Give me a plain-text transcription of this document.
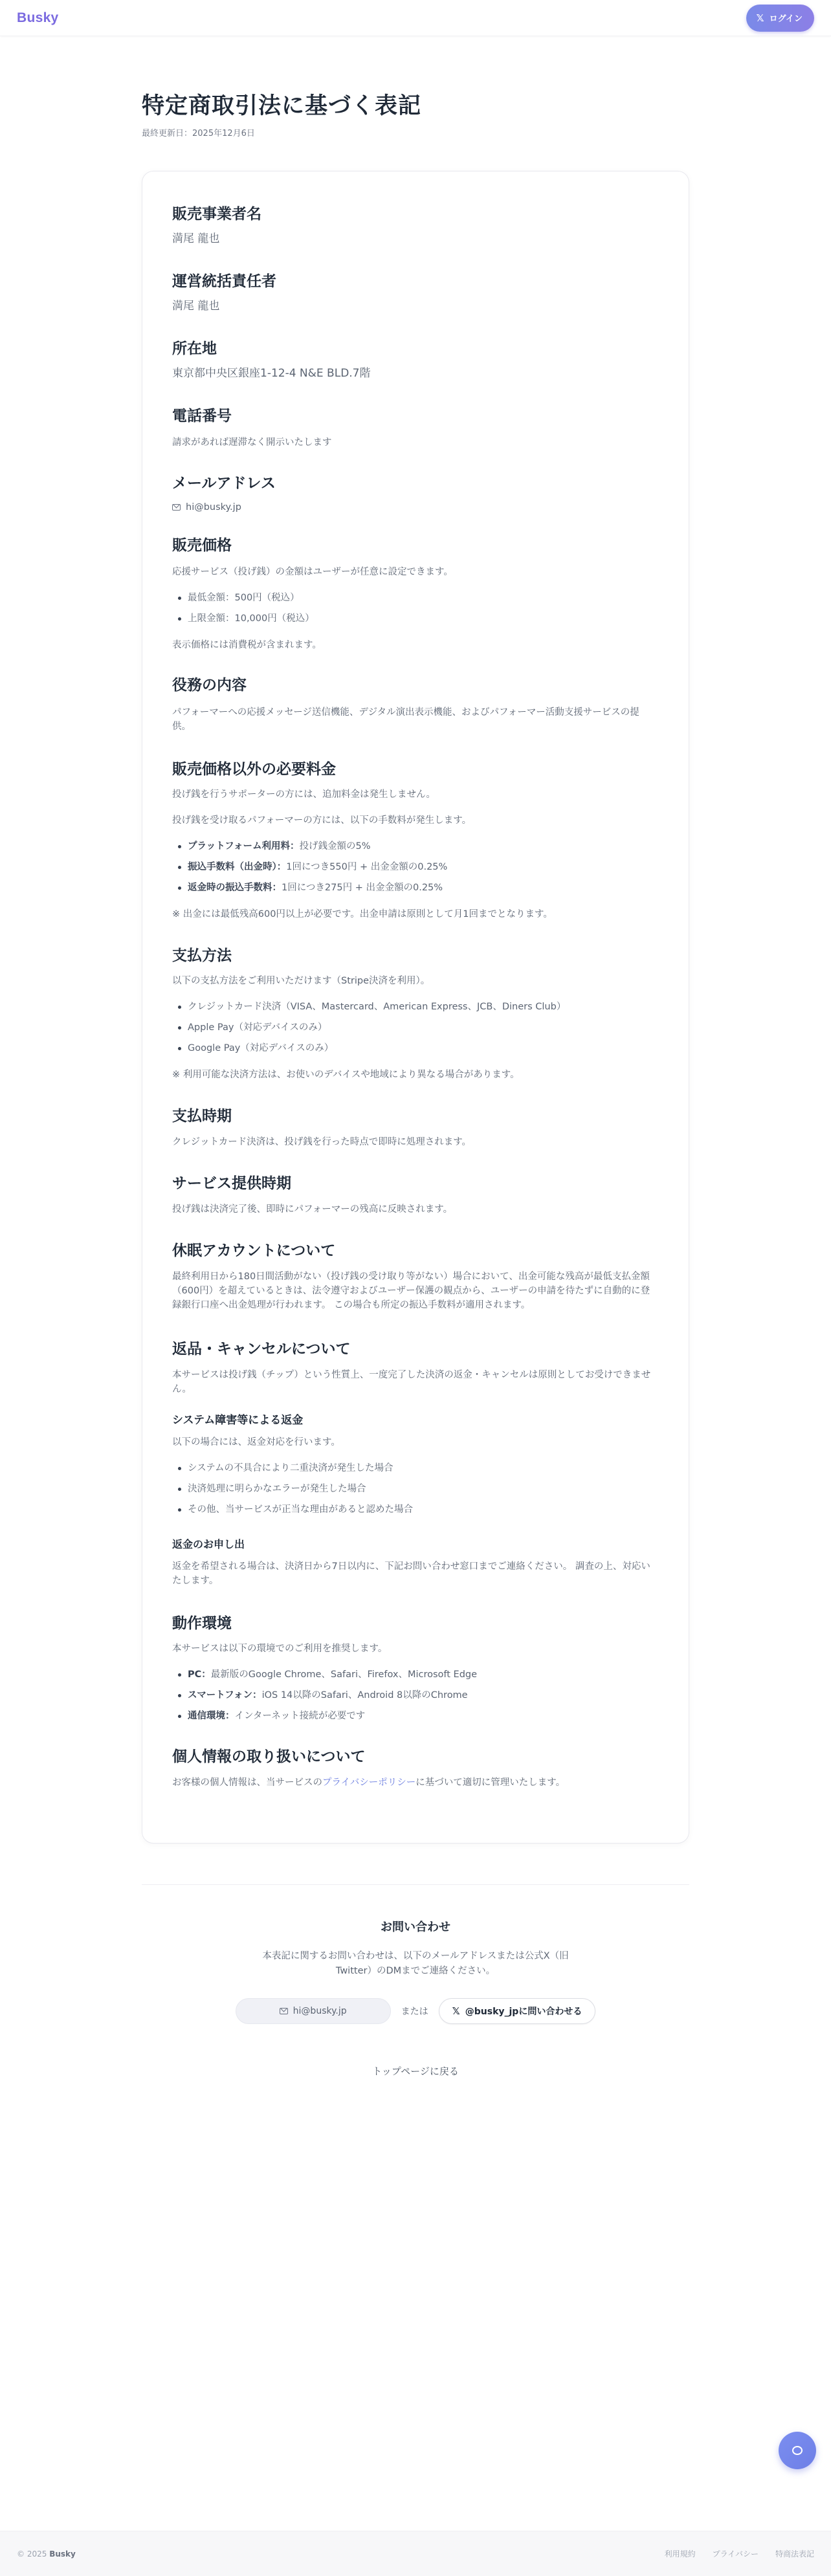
Busky	𝕏 ログイン
特定商取引法に基づく表記
最終更新日：2025年12月6日
販売事業者名
満尾 龍也
運営統括責任者
満尾 龍也
所在地
東京都中央区銀座1-12-4 N&E BLD.7階
電話番号
請求があれば遅滞なく開示いたします
メールアドレス
hi@busky.jp
販売価格
応援サービス（投げ銭）の金額はユーザーが任意に設定できます。
最低金額：500円（税込）
上限金額：10,000円（税込）
表示価格には消費税が含まれます。
役務の内容
パフォーマーへの応援メッセージ送信機能、デジタル演出表示機能、およびパフォーマー活動支援サービスの提供。
販売価格以外の必要料金
投げ銭を行うサポーターの方には、追加料金は発生しません。
投げ銭を受け取るパフォーマーの方には、以下の手数料が発生します。
プラットフォーム利用料：投げ銭金額の5%
振込手数料（出金時）：1回につき550円 + 出金金額の0.25%
返金時の振込手数料：1回につき275円 + 出金金額の0.25%
※ 出金には最低残高600円以上が必要です。出金申請は原則として月1回までとなります。
支払方法
以下の支払方法をご利用いただけます（Stripe決済を利用）。
クレジットカード決済（VISA、Mastercard、American Express、JCB、Diners Club）
Apple Pay（対応デバイスのみ）
Google Pay（対応デバイスのみ）
※ 利用可能な決済方法は、お使いのデバイスや地域により異なる場合があります。
支払時期
クレジットカード決済は、投げ銭を行った時点で即時に処理されます。
サービス提供時期
投げ銭は決済完了後、即時にパフォーマーの残高に反映されます。
休眠アカウントについて
最終利用日から180日間活動がない（投げ銭の受け取り等がない）場合において、出金可能な残高が最低支払金額（600円）を超えているときは、法令遵守およびユーザー保護の観点から、ユーザーの申請を待たずに自動的に登録銀行口座へ出金処理が行われます。 この場合も所定の振込手数料が適用されます。
返品・キャンセルについて
本サービスは投げ銭（チップ）という性質上、一度完了した決済の返金・キャンセルは原則としてお受けできません。
システム障害等による返金
以下の場合には、返金対応を行います。
システムの不具合により二重決済が発生した場合
決済処理に明らかなエラーが発生した場合
その他、当サービスが正当な理由があると認めた場合
返金のお申し出
返金を希望される場合は、決済日から7日以内に、下記お問い合わせ窓口までご連絡ください。 調査の上、対応いたします。
動作環境
本サービスは以下の環境でのご利用を推奨します。
PC：最新版のGoogle Chrome、Safari、Firefox、Microsoft Edge
スマートフォン：iOS 14以降のSafari、Android 8以降のChrome
通信環境：インターネット接続が必要です
個人情報の取り扱いについて
お客様の個人情報は、当サービスのプライバシーポリシーに基づいて適切に管理いたします。
お問い合わせ

本表記に関するお問い合わせは、以下のメールアドレスまたは公式X（旧Twitter）のDMまでご連絡ください。

hi@busky.jp	または 𝕏 @busky_jpに問い合わせる
トップページに戻る
© 2025 Busky	利用規約 プライバシー 特商法表記
